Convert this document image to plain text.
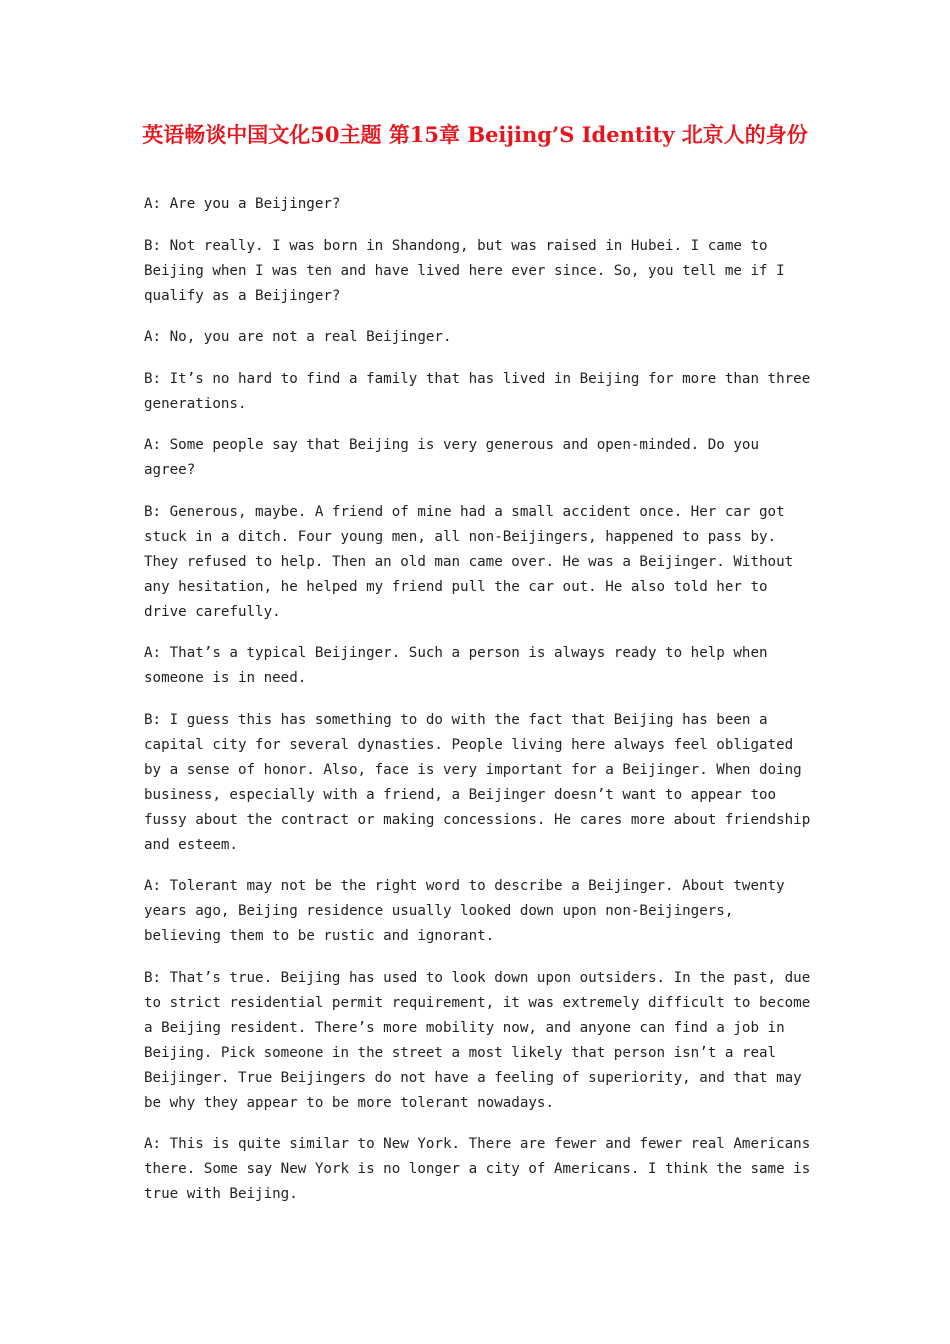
英语畅谈中国文化50主题 第15章 Beijing’S Identity 北京人的身份

A: Are you a Beijinger?

B: Not really. I was born in Shandong, but was raised in Hubei. I came to Beijing when I was ten and have lived here ever since. So, you tell me if I qualify as a Beijinger?

A: No, you are not a real Beijinger.

B: It’s no hard to find a family that has lived in Beijing for more than three generations.

A: Some people say that Beijing is very generous and open-minded. Do you agree?

B: Generous, maybe. A friend of mine had a small accident once. Her car got stuck in a ditch. Four young men, all non-Beijingers, happened to pass by. They refused to help. Then an old man came over. He was a Beijinger. Without any hesitation, he helped my friend pull the car out. He also told her to drive carefully.

A: That’s a typical Beijinger. Such a person is always ready to help when someone is in need.

B: I guess this has something to do with the fact that Beijing has been a capital city for several dynasties. People living here always feel obligated by a sense of honor. Also, face is very important for a Beijinger. When doing business, especially with a friend, a Beijinger doesn’t want to appear too fussy about the contract or making concessions. He cares more about friendship and esteem.

A: Tolerant may not be the right word to describe a Beijinger. About twenty years ago, Beijing residence usually looked down upon non-Beijingers, believing them to be rustic and ignorant.

B: That’s true. Beijing has used to look down upon outsiders. In the past, due to strict residential permit requirement, it was extremely difficult to become a Beijing resident. There’s more mobility now, and anyone can find a job in Beijing. Pick someone in the street a most likely that person isn’t a real Beijinger. True Beijingers do not have a feeling of superiority, and that may be why they appear to be more tolerant nowadays.

A: This is quite similar to New York. There are fewer and fewer real Americans there. Some say New York is no longer a city of Americans. I think the same is true with Beijing.
